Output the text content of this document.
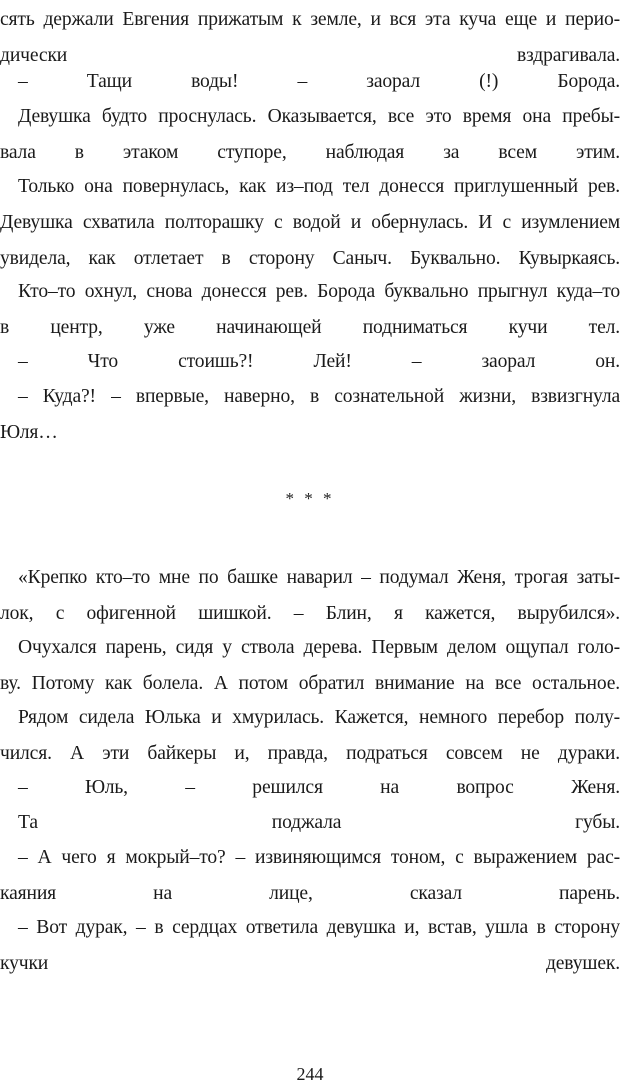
сять держали Евгения прижатым к земле, и вся эта куча еще и перио-
дически вздрагивала.
– Тащи воды! – заорал (!) Борода.
Девушка будто проснулась. Оказывается, все это время она пребы-
вала в этаком ступоре, наблюдая за всем этим.
Только она повернулась, как из–под тел донесся приглушенный рев.
Девушка схватила полторашку с водой и обернулась. И с изумлением
увидела, как отлетает в сторону Саныч. Буквально. Кувыркаясь.
Кто–то охнул, снова донесся рев. Борода буквально прыгнул куда–то
в центр, уже начинающей подниматься кучи тел.
– Что стоишь?! Лей! – заорал он.
– Куда?! – впервые, наверно, в сознательной жизни, взвизгнула
Юля…
* * *
«Крепко кто–то мне по башке наварил – подумал Женя, трогая заты-
лок, с офигенной шишкой. – Блин, я кажется, вырубился».
Очухался парень, сидя у ствола дерева. Первым делом ощупал голо-
ву. Потому как болела. А потом обратил внимание на все остальное.
Рядом сидела Юлька и хмурилась. Кажется, немного перебор полу-
чился. А эти байкеры и, правда, подраться совсем не дураки.
– Юль, – решился на вопрос Женя.
Та поджала губы.
– А чего я мокрый–то? – извиняющимся тоном, с выражением рас-
каяния на лице, сказал парень.
– Вот дурак, – в сердцах ответила девушка и, встав, ушла в сторону
кучки девушек.
244
